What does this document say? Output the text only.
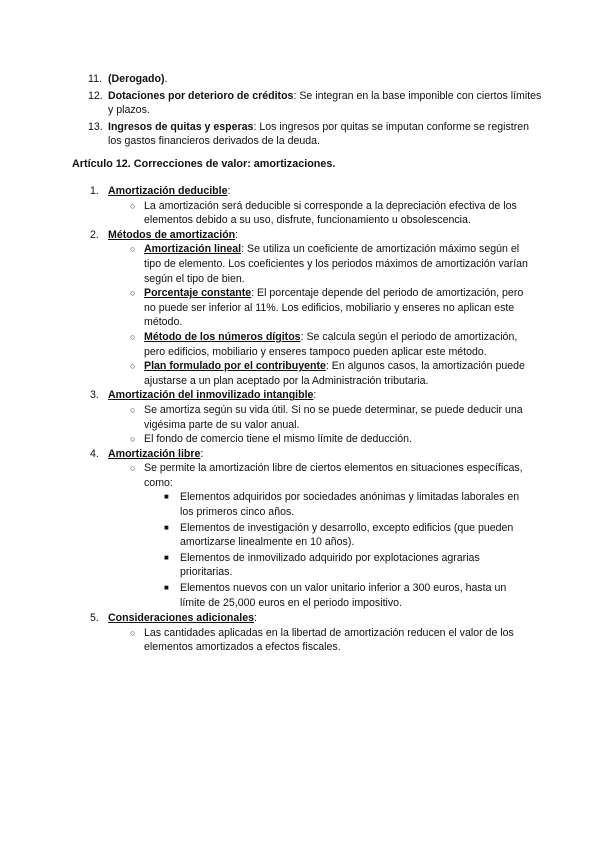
11. (Derogado).
12. Dotaciones por deterioro de créditos: Se integran en la base imponible con ciertos límites y plazos.
13. Ingresos de quitas y esperas: Los ingresos por quitas se imputan conforme se registren los gastos financieros derivados de la deuda.
Artículo 12. Correcciones de valor: amortizaciones.
1. Amortización deducible:
○ La amortización será deducible si corresponde a la depreciación efectiva de los elementos debido a su uso, disfrute, funcionamiento u obsolescencia.
2. Métodos de amortización:
○ Amortización lineal: Se utiliza un coeficiente de amortización máximo según el tipo de elemento. Los coeficientes y los periodos máximos de amortización varían según el tipo de bien.
○ Porcentaje constante: El porcentaje depende del periodo de amortización, pero no puede ser inferior al 11%. Los edificios, mobiliario y enseres no aplican este método.
○ Método de los números dígitos: Se calcula según el periodo de amortización, pero edificios, mobiliario y enseres tampoco pueden aplicar este método.
○ Plan formulado por el contribuyente: En algunos casos, la amortización puede ajustarse a un plan aceptado por la Administración tributaria.
3. Amortización del inmovilizado intangible:
○ Se amortiza según su vida útil. Si no se puede determinar, se puede deducir una vigésima parte de su valor anual.
○ El fondo de comercio tiene el mismo límite de deducción.
4. Amortización libre:
○ Se permite la amortización libre de ciertos elementos en situaciones específicas, como:
■ Elementos adquiridos por sociedades anónimas y limitadas laborales en los primeros cinco años.
■ Elementos de investigación y desarrollo, excepto edificios (que pueden amortizarse linealmente en 10 años).
■ Elementos de inmovilizado adquirido por explotaciones agrarias prioritarias.
■ Elementos nuevos con un valor unitario inferior a 300 euros, hasta un límite de 25,000 euros en el periodo impositivo.
5. Consideraciones adicionales:
○ Las cantidades aplicadas en la libertad de amortización reducen el valor de los elementos amortizados a efectos fiscales.
